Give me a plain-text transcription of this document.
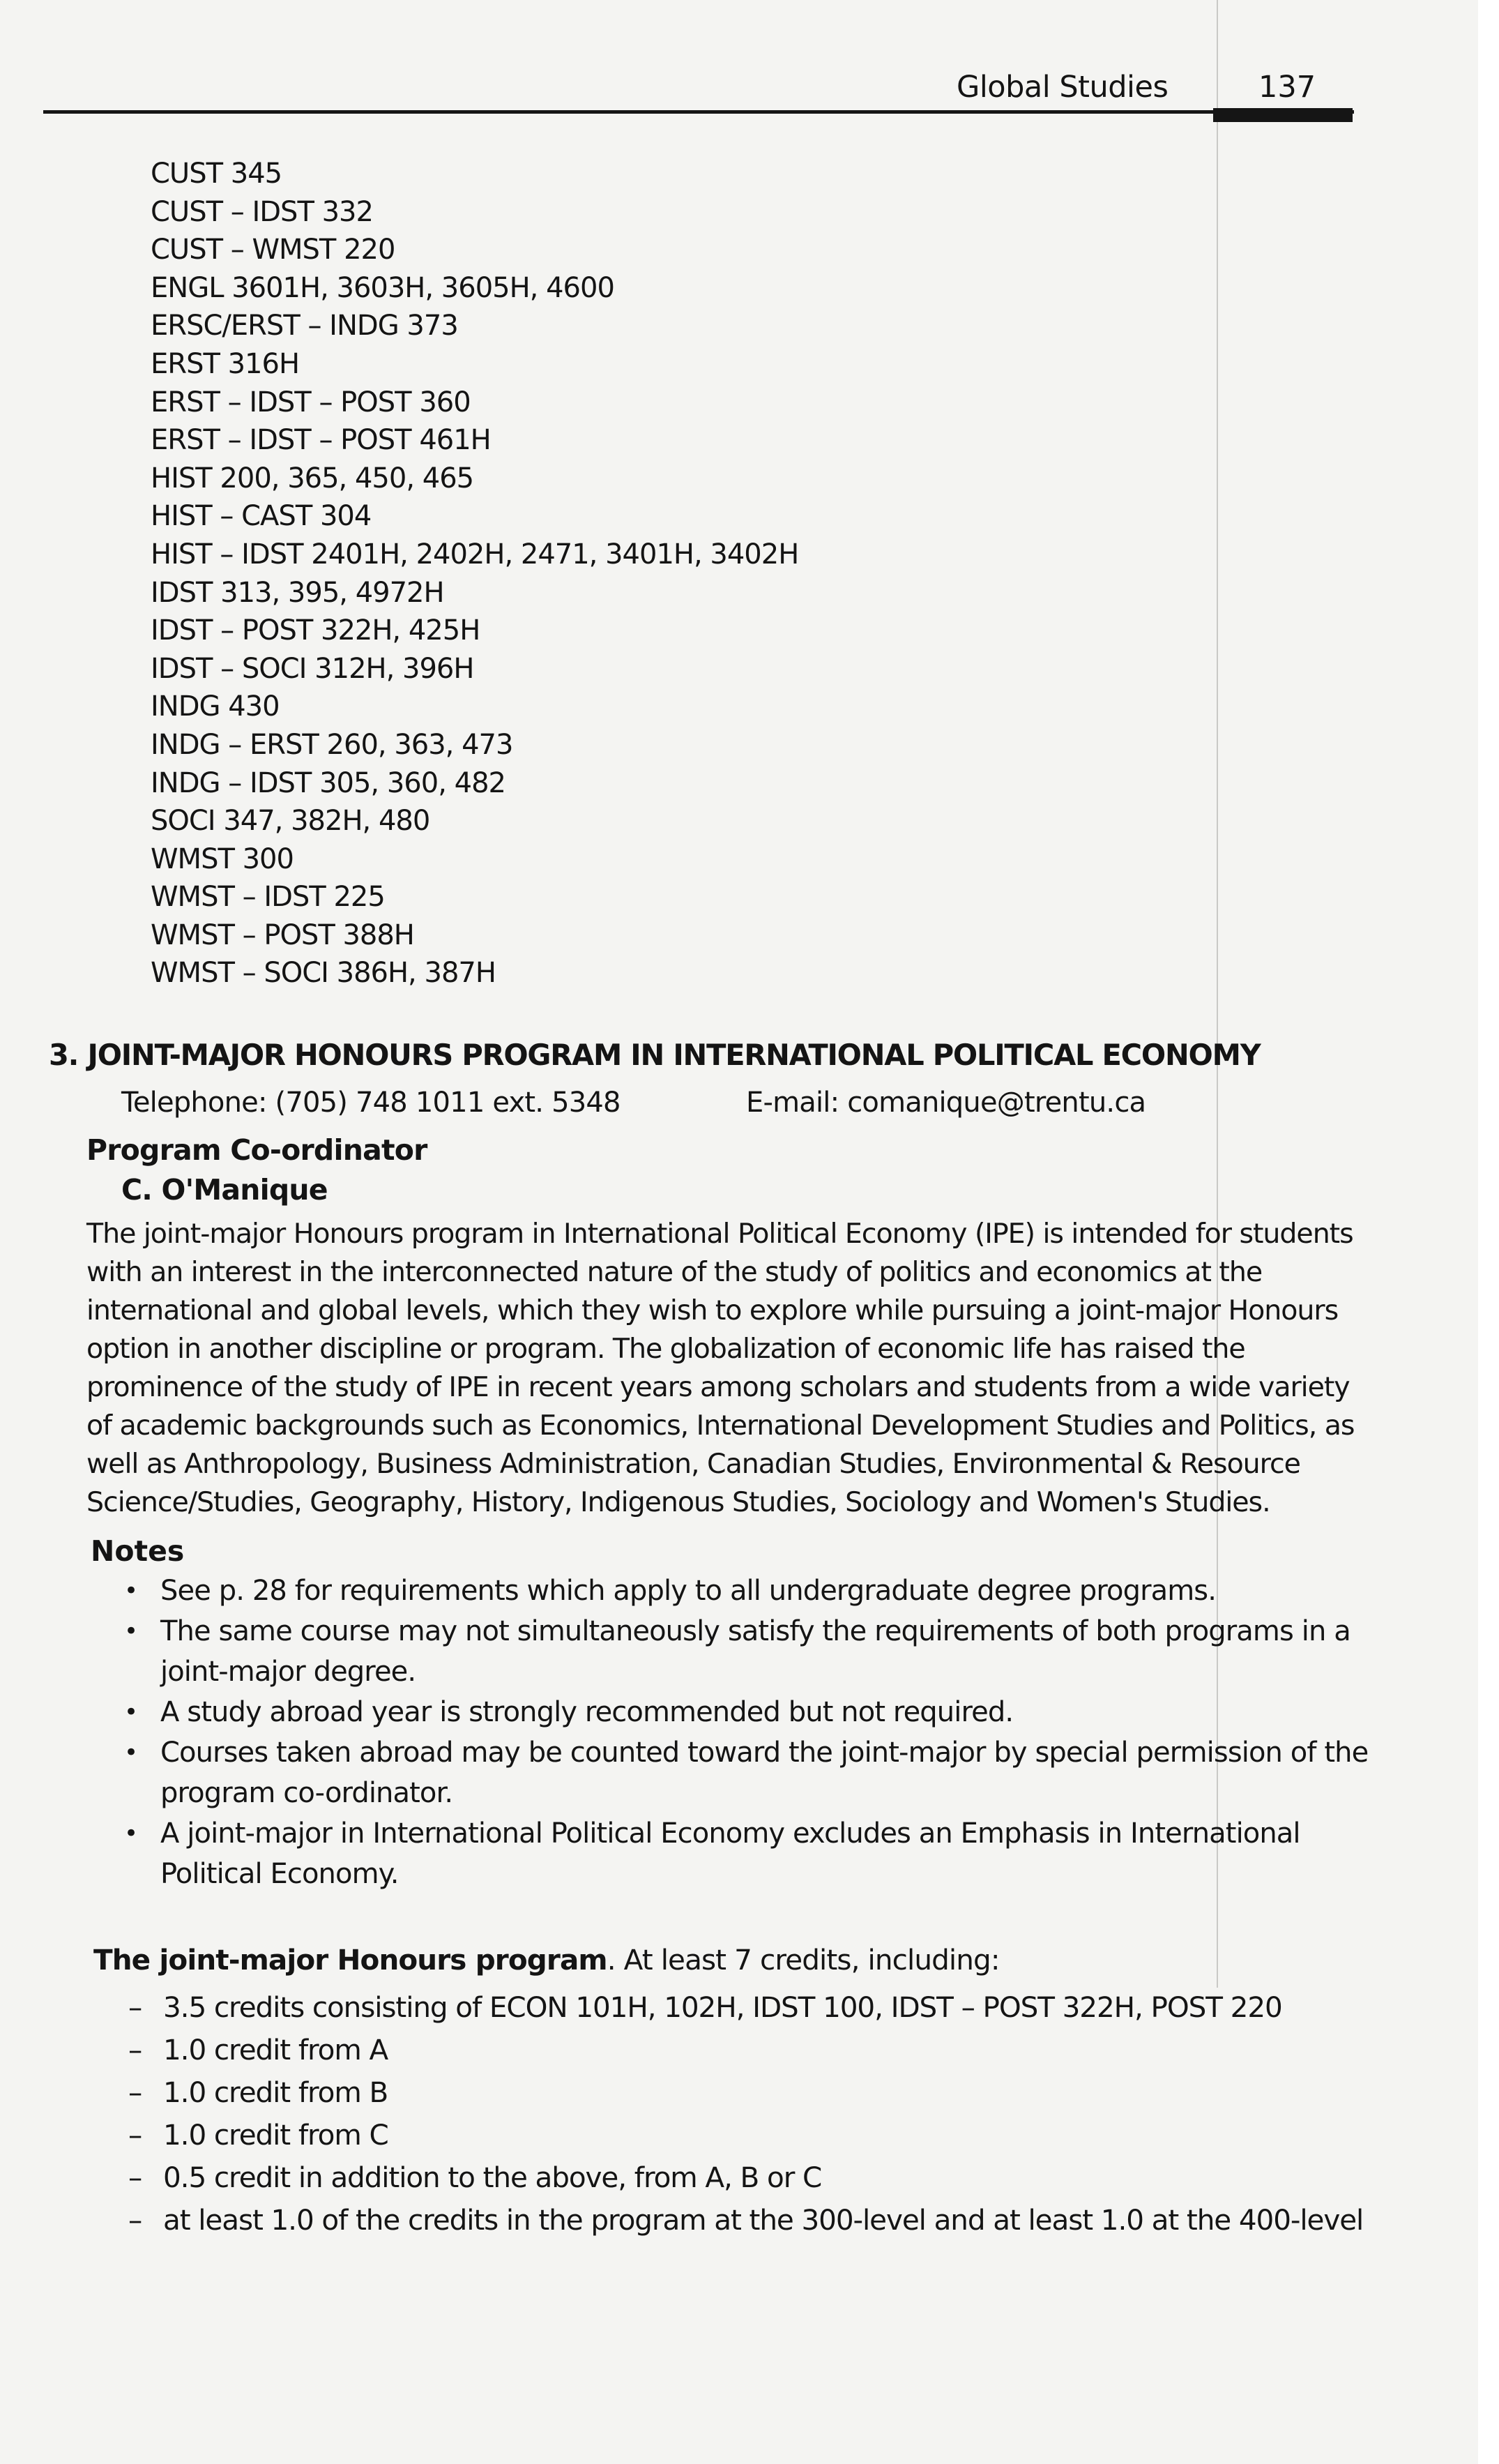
Global Studies	137
CUST 345
CUST – IDST 332
CUST – WMST 220
ENGL 3601H, 3603H, 3605H, 4600
ERSC/ERST – INDG 373
ERST 316H
ERST – IDST – POST 360
ERST – IDST – POST 461H
HIST 200, 365, 450, 465
HIST – CAST 304
HIST – IDST 2401H, 2402H, 2471, 3401H, 3402H
IDST 313, 395, 4972H
IDST – POST 322H, 425H
IDST – SOCI 312H, 396H
INDG 430
INDG – ERST 260, 363, 473
INDG – IDST 305, 360, 482
SOCI 347, 382H, 480
WMST 300
WMST – IDST 225
WMST – POST 388H
WMST – SOCI 386H, 387H
3. JOINT-MAJOR HONOURS PROGRAM IN INTERNATIONAL POLITICAL ECONOMY
Telephone: (705) 748 1011 ext. 5348	E-mail: comanique@trentu.ca
Program Co-ordinator
C. O'Manique
The joint-major Honours program in International Political Economy (IPE) is intended for students
with an interest in the interconnected nature of the study of politics and economics at the
international and global levels, which they wish to explore while pursuing a joint-major Honours
option in another discipline or program. The globalization of economic life has raised the
prominence of the study of IPE in recent years among scholars and students from a wide variety
of academic backgrounds such as Economics, International Development Studies and Politics, as
well as Anthropology, Business Administration, Canadian Studies, Environmental & Resource
Science/Studies, Geography, History, Indigenous Studies, Sociology and Women's Studies.
Notes
• See p. 28 for requirements which apply to all undergraduate degree programs.
• The same course may not simultaneously satisfy the requirements of both programs in a
joint-major degree.
• A study abroad year is strongly recommended but not required.
• Courses taken abroad may be counted toward the joint-major by special permission of the
program co-ordinator.
• A joint-major in International Political Economy excludes an Emphasis in International
Political Economy.
The joint-major Honours program. At least 7 credits, including:
– 3.5 credits consisting of ECON 101H, 102H, IDST 100, IDST – POST 322H, POST 220
– 1.0 credit from A
– 1.0 credit from B
– 1.0 credit from C
– 0.5 credit in addition to the above, from A, B or C
– at least 1.0 of the credits in the program at the 300-level and at least 1.0 at the 400-level
